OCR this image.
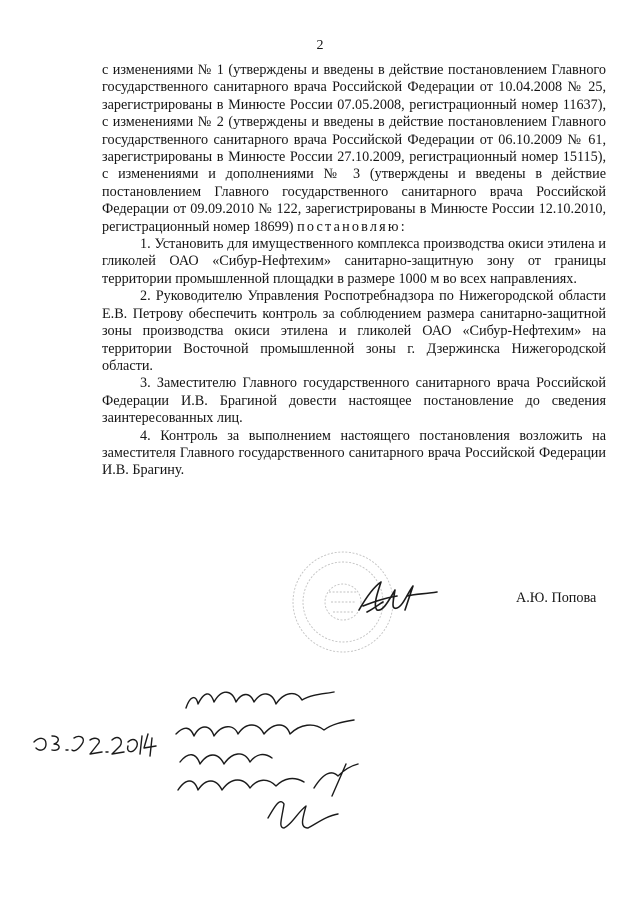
2

с изменениями № 1 (утверждены и введены в действие постановлением Главного государственного санитарного врача Российской Федерации от 10.04.2008 № 25, зарегистрированы в Минюсте России 07.05.2008, регистрационный номер 11637), с изменениями № 2 (утверждены и введены в действие постановлением Главного государственного санитарного врача Российской Федерации от 06.10.2009 № 61, зарегистрированы в Минюсте России 27.10.2009, регистрационный номер 15115), с изменениями и дополнениями № 3 (утверждены и введены в действие постановлением Главного государственного санитарного врача Российской Федерации от 09.09.2010 № 122, зарегистрированы в Минюсте России 12.10.2010, регистрационный номер 18699) постановляю:

1. Установить для имущественного комплекса производства окиси этилена и гликолей ОАО «Сибур-Нефтехим» санитарно-защитную зону от границы территории промышленной площадки в размере 1000 м во всех направлениях.

2. Руководителю Управления Роспотребнадзора по Нижегородской области Е.В. Петрову обеспечить контроль за соблюдением размера санитарно-защитной зоны производства окиси этилена и гликолей ОАО «Сибур-Нефтехим» на территории Восточной промышленной зоны г. Дзержинска Нижегородской области.

3. Заместителю Главного государственного санитарного врача Российской Федерации И.В. Брагиной довести настоящее постановление до сведения заинтересованных лиц.

4. Контроль за выполнением настоящего постановления возложить на заместителя Главного государственного санитарного врача Российской Федерации И.В. Брагину.

А.Ю. Попова
